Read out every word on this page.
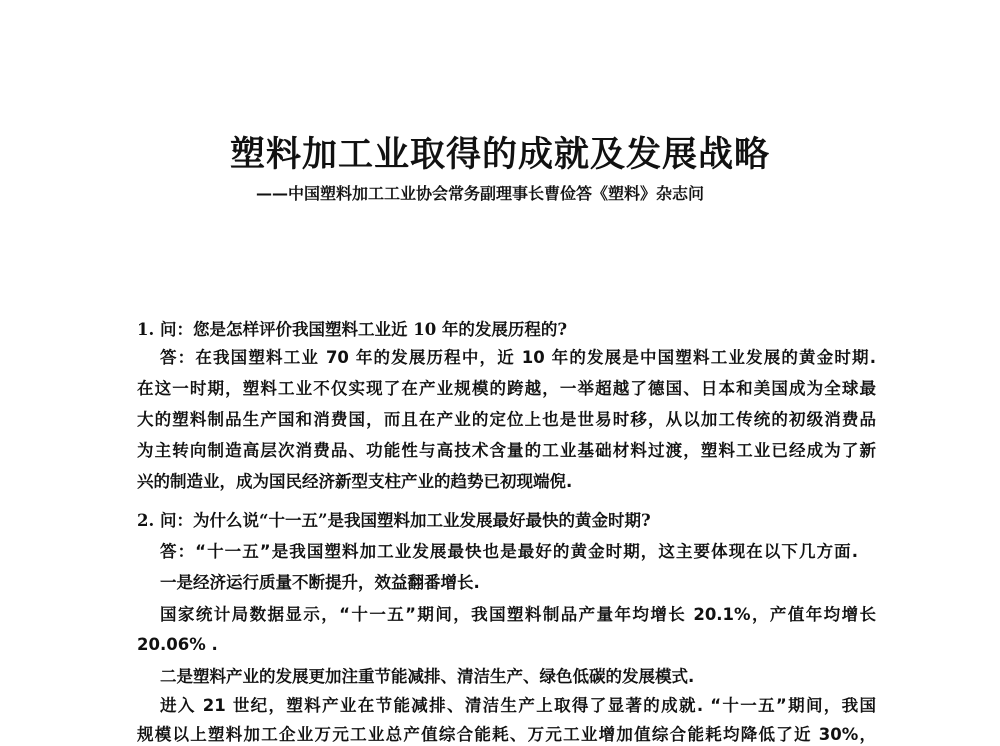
塑料加工业取得的成就及发展战略
——中国塑料加工工业协会常务副理事长曹俭答《塑料》杂志问
1. 问：您是怎样评价我国塑料工业近 10 年的发展历程的?
答：在我国塑料工业 70 年的发展历程中，近 10 年的发展是中国塑料工业发展的黄金时期.
在这一时期，塑料工业不仅实现了在产业规模的跨越，一举超越了德国、日本和美国成为全球最
大的塑料制品生产国和消费国，而且在产业的定位上也是世易时移，从以加工传统的初级消费品
为主转向制造高层次消费品、功能性与高技术含量的工业基础材料过渡，塑料工业已经成为了新
兴的制造业，成为国民经济新型支柱产业的趋势已初现端倪.
2. 问：为什么说“十一五”是我国塑料加工业发展最好最快的黄金时期?
答：“十一五”是我国塑料加工业发展最快也是最好的黄金时期，这主要体现在以下几方面.
一是经济运行质量不断提升，效益翻番增长.
国家统计局数据显示，“十一五”期间，我国塑料制品产量年均增长 20.1%，产值年均增长
20.06% .
二是塑料产业的发展更加注重节能减排、清洁生产、绿色低碳的发展模式.
进入 21 世纪，塑料产业在节能减排、清洁生产上取得了显著的成就. “十一五”期间，我国
规模以上塑料加工企业万元工业总产值综合能耗、万元工业增加值综合能耗均降低了近 30%，
